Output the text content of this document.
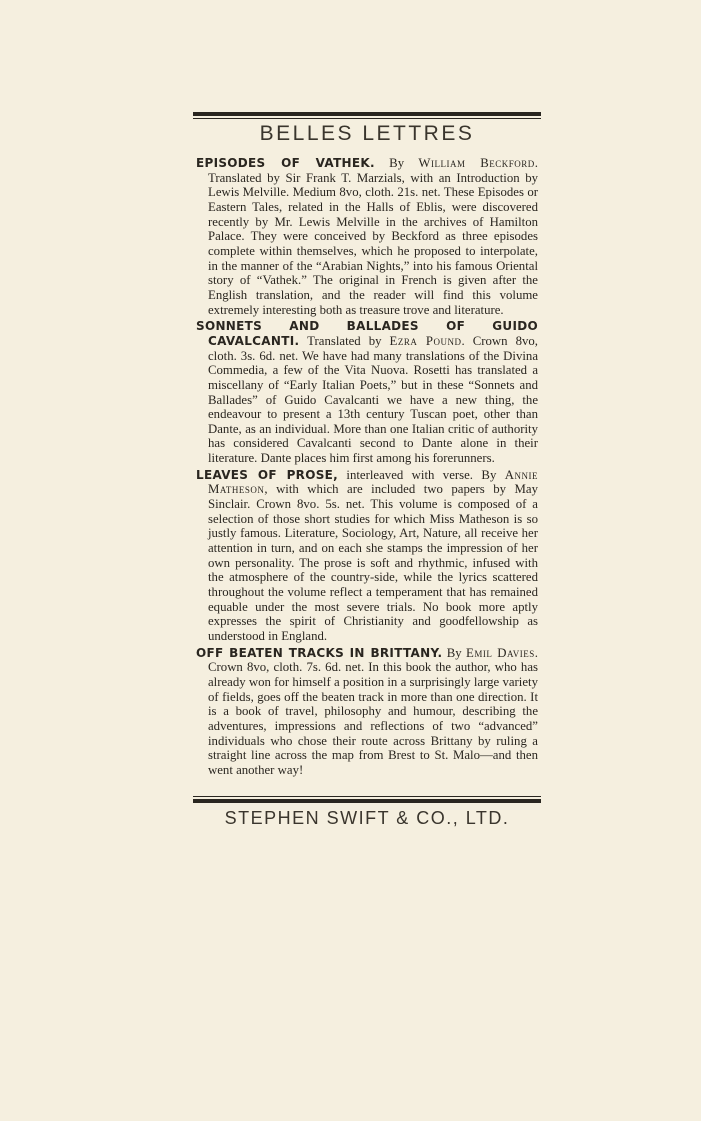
BELLES LETTRES

EPISODES OF VATHEK. By William Beckford. Translated by Sir Frank T. Marzials, with an Introduction by Lewis Melville. Medium 8vo, cloth. 21s. net. These Episodes or Eastern Tales, related in the Halls of Eblis, were discovered recently by Mr. Lewis Melville in the archives of Hamilton Palace. They were conceived by Beckford as three episodes complete within themselves, which he proposed to interpolate, in the manner of the “Arabian Nights,” into his famous Oriental story of “Vathek.” The original in French is given after the English translation, and the reader will find this volume extremely interesting both as treasure trove and literature.

SONNETS AND BALLADES OF GUIDO CAVALCANTI. Translated by Ezra Pound. Crown 8vo, cloth. 3s. 6d. net. We have had many translations of the Divina Commedia, a few of the Vita Nuova. Rosetti has translated a miscellany of “Early Italian Poets,” but in these “Sonnets and Ballades” of Guido Cavalcanti we have a new thing, the endeavour to present a 13th century Tuscan poet, other than Dante, as an individual. More than one Italian critic of authority has considered Cavalcanti second to Dante alone in their literature. Dante places him first among his forerunners.

LEAVES OF PROSE, interleaved with verse. By Annie Matheson, with which are included two papers by May Sinclair. Crown 8vo. 5s. net. This volume is composed of a selection of those short studies for which Miss Matheson is so justly famous. Literature, Sociology, Art, Nature, all receive her attention in turn, and on each she stamps the impression of her own personality. The prose is soft and rhythmic, infused with the atmosphere of the country-side, while the lyrics scattered throughout the volume reflect a temperament that has remained equable under the most severe trials. No book more aptly expresses the spirit of Christianity and goodfellowship as understood in England.

OFF BEATEN TRACKS IN BRITTANY. By Emil Davies. Crown 8vo, cloth. 7s. 6d. net. In this book the author, who has already won for himself a position in a surprisingly large variety of fields, goes off the beaten track in more than one direction. It is a book of travel, philosophy and humour, describing the adventures, impressions and reflections of two “advanced” individuals who chose their route across Brittany by ruling a straight line across the map from Brest to St. Malo—and then went another way!

STEPHEN SWIFT & CO., LTD.
